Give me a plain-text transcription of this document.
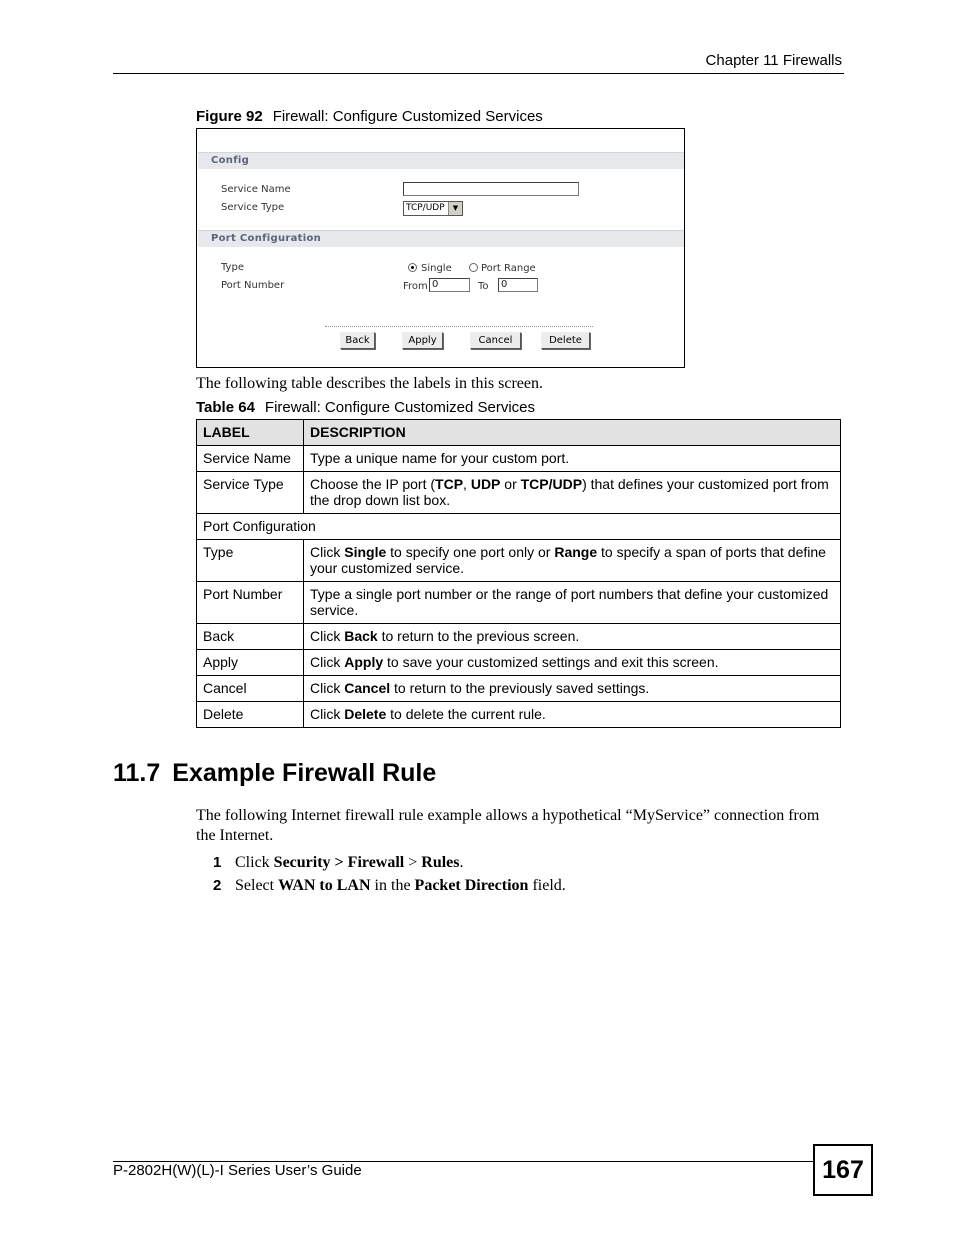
Chapter 11 Firewalls
Figure 92 Firewall: Configure Customized Services
Config
Service Name
Service Type	TCP/UDP	▼
Port Configuration
Type	Single	Port Range
Port Number	From 0	To	0
Back	Apply	Cancel	Delete
The following table describes the labels in this screen.
Table 64 Firewall: Configure Customized Services
LABEL	DESCRIPTION
Service Name	Type a unique name for your custom port.
Service Type	Choose the IP port (TCP, UDP or TCP/UDP) that defines your customized port from the drop down list box.
Port Configuration	
Type	Click Single to specify one port only or Range to specify a span of ports that define your customized service.
Port Number	Type a single port number or the range of port numbers that define your customized service.
Back	Click Back to return to the previous screen.
Apply	Click Apply to save your customized settings and exit this screen.
Cancel	Click Cancel to return to the previously saved settings.
Delete	Click Delete to delete the current rule.
11.7 Example Firewall Rule
The following Internet firewall rule example allows a hypothetical “MyService” connection from the Internet.
1 Click Security > Firewall > Rules.
2 Select WAN to LAN in the Packet Direction field.
P-2802H(W)(L)-I Series User’s Guide	167
